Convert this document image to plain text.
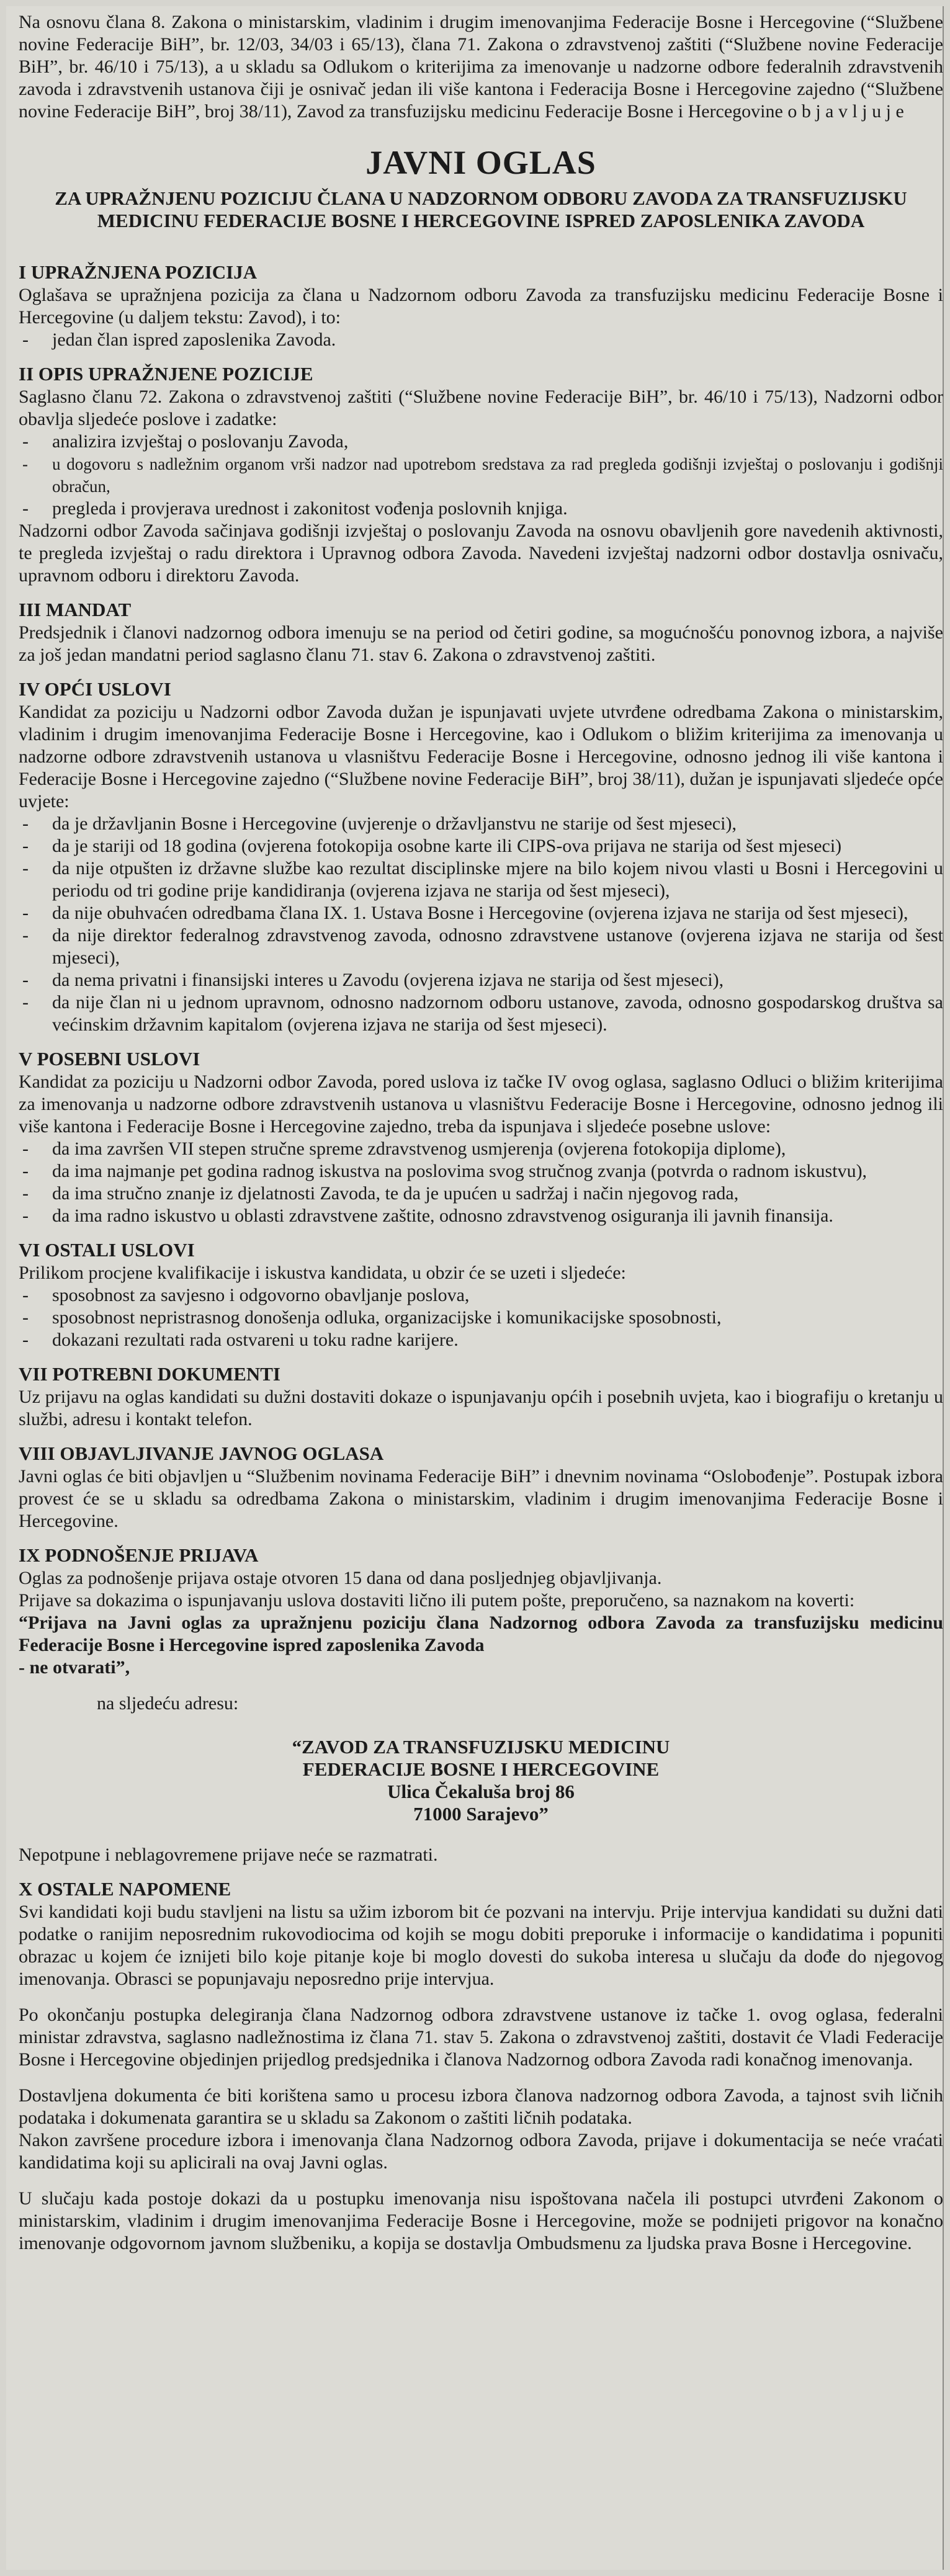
Na osnovu člana 8. Zakona o ministarskim, vladinim i drugim imenovanjima Federacije Bosne i Hercegovine (“Službene novine Federacije BiH”, br. 12/03, 34/03 i 65/13), člana 71. Zakona o zdravstvenoj zaštiti (“Službene novine Federacije BiH”, br. 46/10 i 75/13), a u skladu sa Odlukom o kriterijima za imenovanje u nadzorne odbore federalnih zdravstvenih zavoda i zdravstvenih ustanova čiji je osnivač jedan ili više kantona i Federacija Bosne i Hercegovine zajedno (“Službene novine Federacije BiH”, broj 38/11), Zavod za transfuzijsku medicinu Federacije Bosne i Hercegovine o b j a v l j u j e

JAVNI OGLAS
ZA UPRAŽNJENU POZICIJU ČLANA U NADZORNOM ODBORU ZAVODA ZA TRANSFUZIJSKU MEDICINU FEDERACIJE BOSNE I HERCEGOVINE ISPRED ZAPOSLENIKA ZAVODA
I UPRAŽNJENA POZICIJA

Oglašava se upražnjena pozicija za člana u Nadzornom odboru Zavoda za transfuzijsku medicinu Federacije Bosne i Hercegovine (u daljem tekstu: Zavod), i to:

- jedan član ispred zaposlenika Zavoda.
II OPIS UPRAŽNJENE POZICIJE

Saglasno članu 72. Zakona o zdravstvenoj zaštiti (“Službene novine Federacije BiH”, br. 46/10 i 75/13), Nadzorni odbor obavlja sljedeće poslove i zadatke:

- analizira izvještaj o poslovanju Zavoda,
- u dogovoru s nadležnim organom vrši nadzor nad upotrebom sredstava za rad pregleda godišnji izvještaj o poslovanju i godišnji obračun,
- pregleda i provjerava urednost i zakonitost vođenja poslovnih knjiga.

Nadzorni odbor Zavoda sačinjava godišnji izvještaj o poslovanju Zavoda na osnovu obavljenih gore navedenih aktivnosti, te pregleda izvještaj o radu direktora i Upravnog odbora Zavoda. Navedeni izvještaj nadzorni odbor dostavlja osnivaču, upravnom odboru i direktoru Zavoda.

III MANDAT

Predsjednik i članovi nadzornog odbora imenuju se na period od četiri godine, sa mogućnošću ponovnog izbora, a najviše za još jedan mandatni period saglasno članu 71. stav 6. Zakona o zdravstvenoj zaštiti.

IV OPĆI USLOVI

Kandidat za poziciju u Nadzorni odbor Zavoda dužan je ispunjavati uvjete utvrđene odredbama Zakona o ministarskim, vladinim i drugim imenovanjima Federacije Bosne i Hercegovine, kao i Odlukom o bližim kriterijima za imenovanja u nadzorne odbore zdravstvenih ustanova u vlasništvu Federacije Bosne i Hercegovine, odnosno jednog ili više kantona i Federacije Bosne i Hercegovine zajedno (“Službene novine Federacije BiH”, broj 38/11), dužan je ispunjavati sljedeće opće uvjete:

- da je državljanin Bosne i Hercegovine (uvjerenje o državljanstvu ne starije od šest mjeseci),
- da je stariji od 18 godina (ovjerena fotokopija osobne karte ili CIPS-ova prijava ne starija od šest mjeseci)
- da nije otpušten iz državne službe kao rezultat disciplinske mjere na bilo kojem nivou vlasti u Bosni i Hercegovini u periodu od tri godine prije kandidiranja (ovjerena izjava ne starija od šest mjeseci),
- da nije obuhvaćen odredbama člana IX. 1. Ustava Bosne i Hercegovine (ovjerena izjava ne starija od šest mjeseci),
- da nije direktor federalnog zdravstvenog zavoda, odnosno zdravstvene ustanove (ovjerena izjava ne starija od šest mjeseci),
- da nema privatni i finansijski interes u Zavodu (ovjerena izjava ne starija od šest mjeseci),
- da nije član ni u jednom upravnom, odnosno nadzornom odboru ustanove, zavoda, odnosno gospodarskog društva sa većinskim državnim kapitalom (ovjerena izjava ne starija od šest mjeseci).
V POSEBNI USLOVI

Kandidat za poziciju u Nadzorni odbor Zavoda, pored uslova iz tačke IV ovog oglasa, saglasno Odluci o bližim kriterijima za imenovanja u nadzorne odbore zdravstvenih ustanova u vlasništvu Federacije Bosne i Hercegovine, odnosno jednog ili više kantona i Federacije Bosne i Hercegovine zajedno, treba da ispunjava i sljedeće posebne uslove:

- da ima završen VII stepen stručne spreme zdravstvenog usmjerenja (ovjerena fotokopija diplome),
- da ima najmanje pet godina radnog iskustva na poslovima svog stručnog zvanja (potvrda o radnom iskustvu),
- da ima stručno znanje iz djelatnosti Zavoda, te da je upućen u sadržaj i način njegovog rada,
- da ima radno iskustvo u oblasti zdravstvene zaštite, odnosno zdravstvenog osiguranja ili javnih finansija.
VI OSTALI USLOVI

Prilikom procjene kvalifikacije i iskustva kandidata, u obzir će se uzeti i sljedeće:

- sposobnost za savjesno i odgovorno obavljanje poslova,
- sposobnost nepristrasnog donošenja odluka, organizacijske i komunikacijske sposobnosti,
- dokazani rezultati rada ostvareni u toku radne karijere.
VII POTREBNI DOKUMENTI

Uz prijavu na oglas kandidati su dužni dostaviti dokaze o ispunjavanju općih i posebnih uvjeta, kao i biografiju o kretanju u službi, adresu i kontakt telefon.

VIII OBJAVLJIVANJE JAVNOG OGLASA

Javni oglas će biti objavljen u “Službenim novinama Federacije BiH” i dnevnim novinama “Oslobođenje”. Postupak izbora provest će se u skladu sa odredbama Zakona o ministarskim, vladinim i drugim imenovanjima Federacije Bosne i Hercegovine.

IX PODNOŠENJE PRIJAVA

Oglas za podnošenje prijava ostaje otvoren 15 dana od dana posljednjeg objavljivanja.

Prijave sa dokazima o ispunjavanju uslova dostaviti lično ili putem pošte, preporučeno, sa naznakom na koverti:

“Prijava na Javni oglas za upražnjenu poziciju člana Nadzornog odbora Zavoda za transfuzijsku medicinu Federacije Bosne i Hercegovine ispred zaposlenika Zavoda

- ne otvarati”,

na sljedeću adresu:

“ZAVOD ZA TRANSFUZIJSKU MEDICINU
FEDERACIJE BOSNE I HERCEGOVINE
Ulica Čekaluša broj 86
71000 Sarajevo”

Nepotpune i neblagovremene prijave neće se razmatrati.

X OSTALE NAPOMENE

Svi kandidati koji budu stavljeni na listu sa užim izborom bit će pozvani na intervju. Prije intervjua kandidati su dužni dati podatke o ranijim neposrednim rukovodiocima od kojih se mogu dobiti preporuke i informacije o kandidatima i popuniti obrazac u kojem će iznijeti bilo koje pitanje koje bi moglo dovesti do sukoba interesa u slučaju da dođe do njegovog imenovanja. Obrasci se popunjavaju neposredno prije intervjua.

Po okončanju postupka delegiranja člana Nadzornog odbora zdravstvene ustanove iz tačke 1. ovog oglasa, federalni ministar zdravstva, saglasno nadležnostima iz člana 71. stav 5. Zakona o zdravstvenoj zaštiti, dostavit će Vladi Federacije Bosne i Hercegovine objedinjen prijedlog predsjednika i članova Nadzornog odbora Zavoda radi konačnog imenovanja.

Dostavljena dokumenta će biti korištena samo u procesu izbora članova nadzornog odbora Zavoda, a tajnost svih ličnih podataka i dokumenata garantira se u skladu sa Zakonom o zaštiti ličnih podataka.

Nakon završene procedure izbora i imenovanja člana Nadzornog odbora Zavoda, prijave i dokumentacija se neće vraćati kandidatima koji su aplicirali na ovaj Javni oglas.

U slučaju kada postoje dokazi da u postupku imenovanja nisu ispoštovana načela ili postupci utvrđeni Zakonom o ministarskim, vladinim i drugim imenovanjima Federacije Bosne i Hercegovine, može se podnijeti prigovor na konačno imenovanje odgovornom javnom službeniku, a kopija se dostavlja Ombudsmenu za ljudska prava Bosne i Hercegovine.
